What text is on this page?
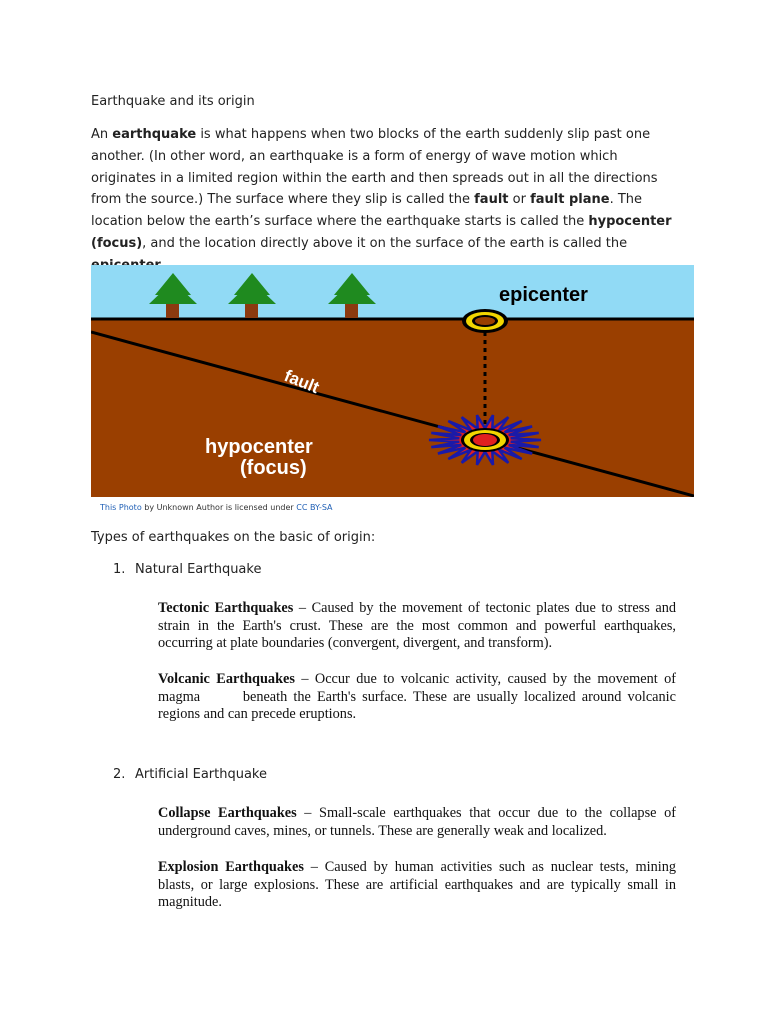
Earthquake and its origin

An earthquake is what happens when two blocks of the earth suddenly slip past one another. (In other word, an earthquake is a form of energy of wave motion which originates in a limited region within the earth and then spreads out in all the directions from the source.) The surface where they slip is called the fault or fault plane. The location below the earth’s surface where the earthquake starts is called the hypocenter (focus), and the location directly above it on the surface of the earth is called the

epicenter
fault
hypocenter
(focus)
This Photo by Unknown Author is licensed under CC BY-SA
Types of earthquakes on the basic of origin:
1. Natural Earthquake

Tectonic Earthquakes – Caused by the movement of tectonic plates due to stress and strain in the Earth's crust. These are the most common and powerful earthquakes, occurring at plate boundaries (convergent, divergent, and transform).

Volcanic Earthquakes – Occur due to volcanic activity, caused by the movement of magma       beneath the Earth's surface. These are usually localized around volcanic regions and can precede eruptions.

2. Artificial Earthquake

Collapse Earthquakes – Small-scale earthquakes that occur due to the collapse of underground caves, mines, or tunnels. These are generally weak and localized.

Explosion Earthquakes – Caused by human activities such as nuclear tests, mining blasts, or large explosions. These are artificial earthquakes and are typically small in magnitude.
